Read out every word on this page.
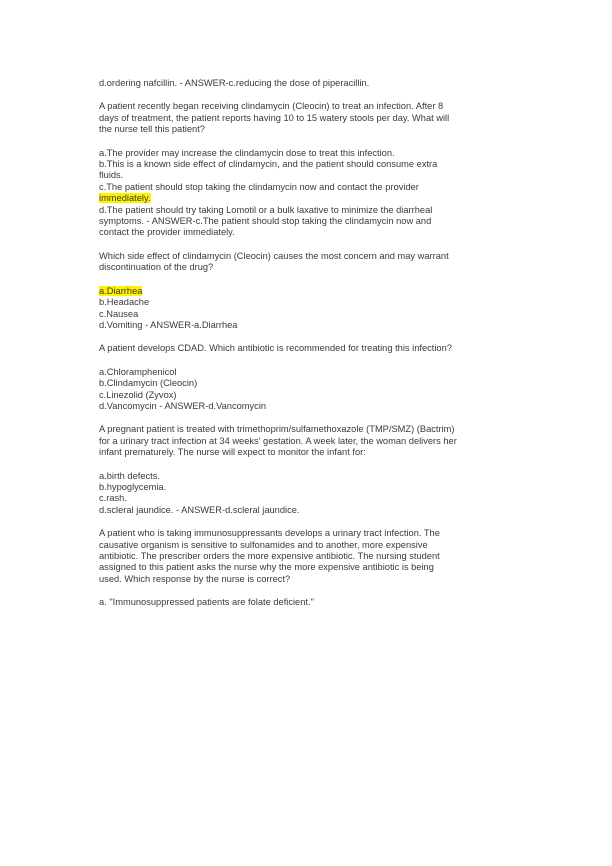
d.ordering nafcillin. - ANSWER-c.reducing the dose of piperacillin.
A patient recently began receiving clindamycin (Cleocin) to treat an infection. After 8
days of treatment, the patient reports having 10 to 15 watery stools per day. What will
the nurse tell this patient?
a.The provider may increase the clindamycin dose to treat this infection.
b.This is a known side effect of clindamycin, and the patient should consume extra
fluids.
c.The patient should stop taking the clindamycin now and contact the provider
immediately.
d.The patient should try taking Lomotil or a bulk laxative to minimize the diarrheal
symptoms. - ANSWER-c.The patient should stop taking the clindamycin now and
contact the provider immediately.
Which side effect of clindamycin (Cleocin) causes the most concern and may warrant
discontinuation of the drug?
a.Diarrhea
b.Headache
c.Nausea
d.Vomiting - ANSWER-a.Diarrhea
A patient develops CDAD. Which antibiotic is recommended for treating this infection?
a.Chloramphenicol
b.Clindamycin (Cleocin)
c.Linezolid (Zyvox)
d.Vancomycin - ANSWER-d.Vancomycin
A pregnant patient is treated with trimethoprim/sulfamethoxazole (TMP/SMZ) (Bactrim)
for a urinary tract infection at 34 weeks' gestation. A week later, the woman delivers her
infant prematurely. The nurse will expect to monitor the infant for:
a.birth defects.
b.hypoglycemia.
c.rash.
d.scleral jaundice. - ANSWER-d.scleral jaundice.
A patient who is taking immunosuppressants develops a urinary tract infection. The
causative organism is sensitive to sulfonamides and to another, more expensive
antibiotic. The prescriber orders the more expensive antibiotic. The nursing student
assigned to this patient asks the nurse why the more expensive antibiotic is being
used. Which response by the nurse is correct?
a. "Immunosuppressed patients are folate deficient."
